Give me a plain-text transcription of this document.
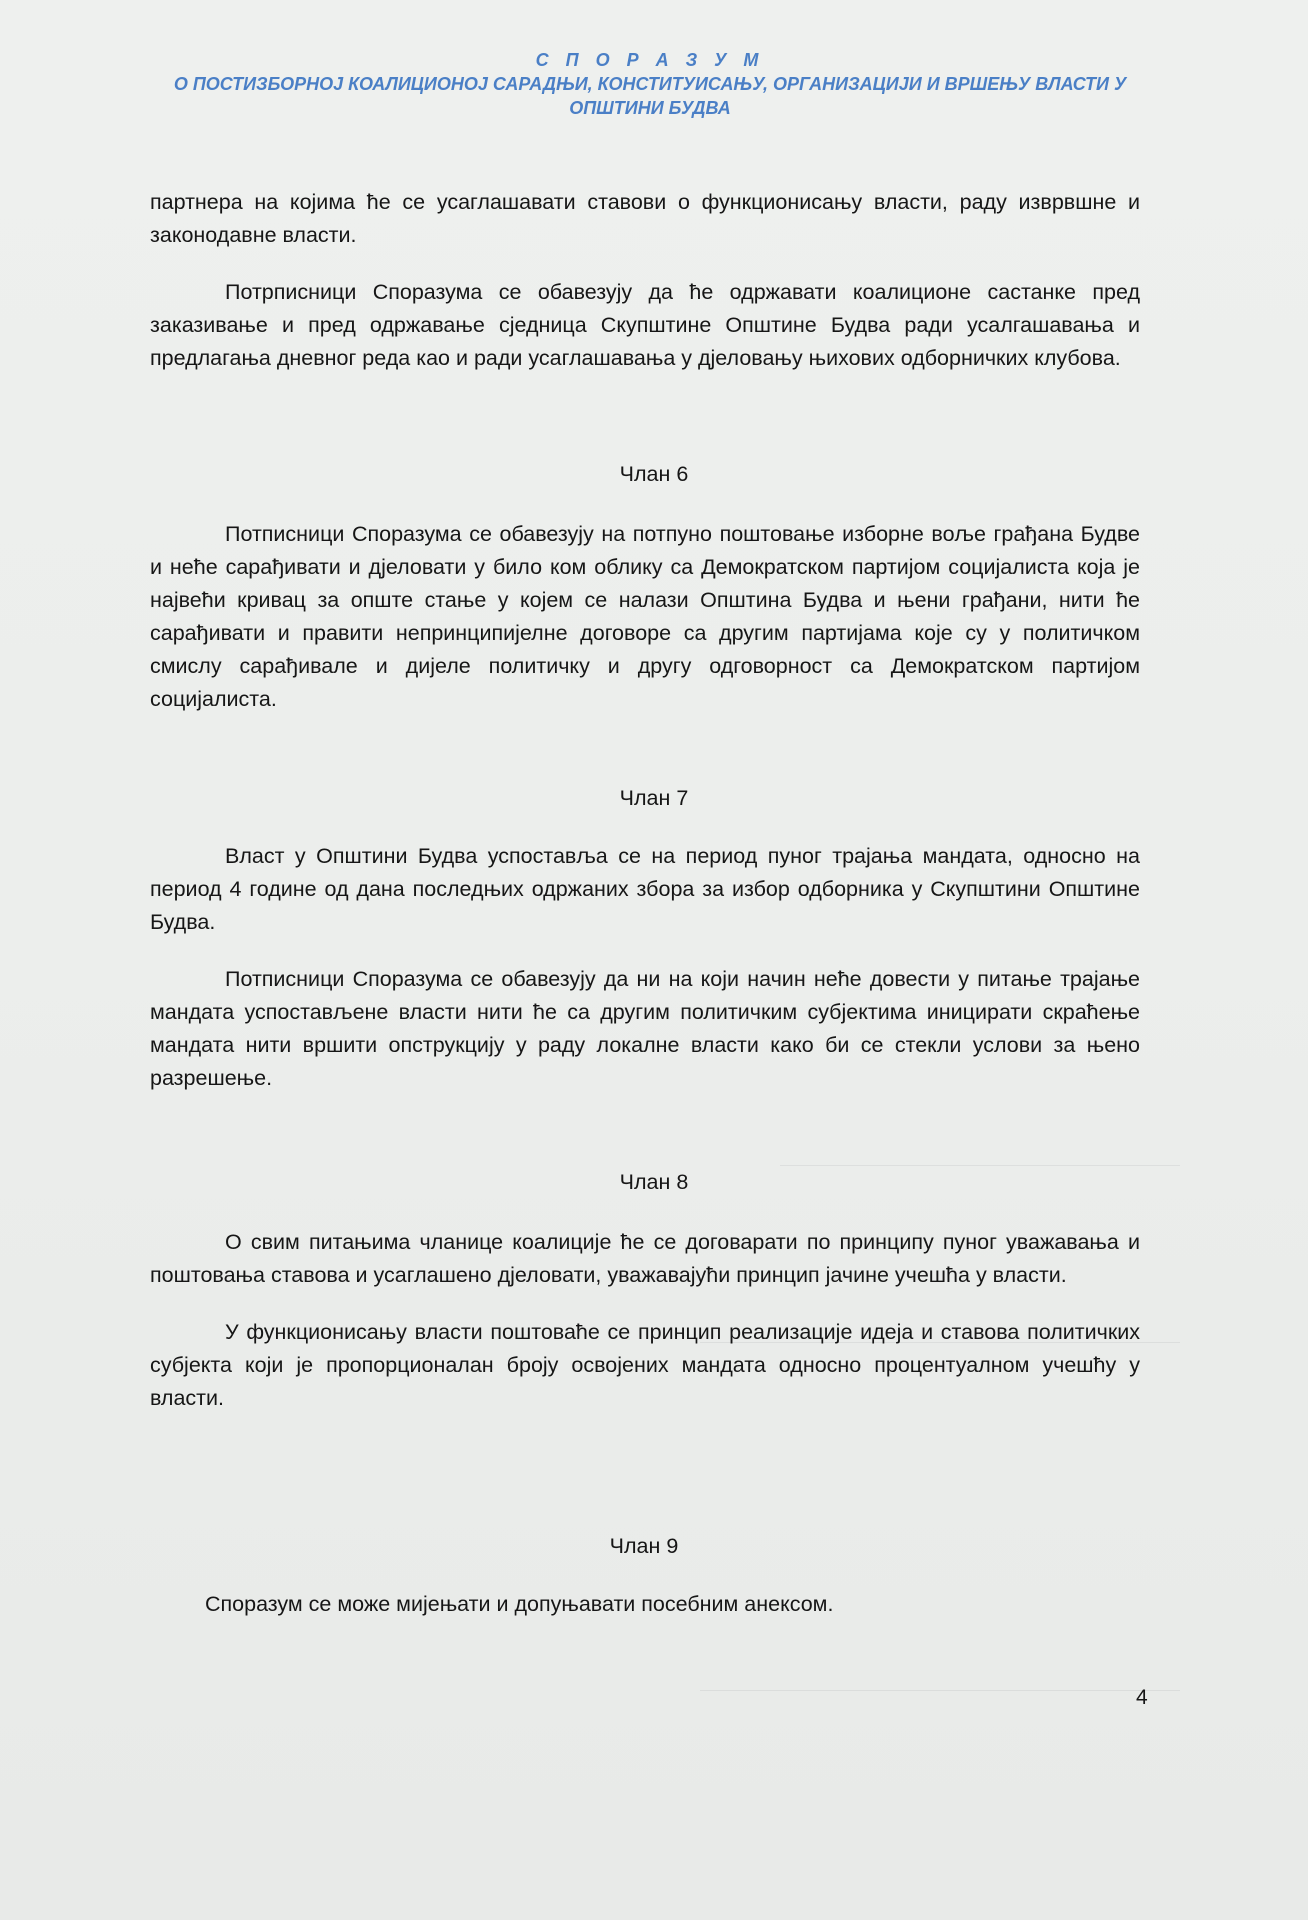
С П О Р А З У М
О ПОСТИЗБОРНОЈ КОАЛИЦИОНОЈ САРАДЊИ, КОНСТИТУИСАЊУ, ОРГАНИЗАЦИЈИ И ВРШЕЊУ ВЛАСТИ У
ОПШТИНИ БУДВА

партнера на којима ће се усаглашавати ставови о функционисању власти, раду изврвшне и законодавне власти.

Потрписници Споразума се обавезују да ће одржавати коалиционе састанке пред заказивање и пред одржавање сједница Скупштине Општине Будва ради усалгашавања и предлагања дневног реда као и ради усаглашавања у дјеловању њихових одборничких клубова.

Члан 6

Потписници Споразума се обавезују на потпуно поштовање изборне воље грађана Будве и неће сарађивати и дјеловати у било ком облику са Демократском партијом социјалиста која је највећи кривац за опште стање у којем се налази Општина Будва и њени грађани, нити ће сарађивати и правити непринципијелне договоре са другим партијама које су у политичком смислу сарађивале и дијеле политичку и другу одговорност са Демократском партијом социјалиста.

Члан 7

Власт у Општини Будва успоставља се на период пуног трајања мандата, односно на период 4 године од дана последњих одржаних збора за избор одборника у Скупштини Општине Будва.

Потписници Споразума се обавезују да ни на који начин неће довести у питање трајање мандата успостављене власти нити ће са другим политичким субјектима иницирати скраћење мандата нити вршити опструкцију у раду локалне власти како би се стекли услови за њено разрешење.

Члан 8

О свим питањима чланице коалиције ће се договарати по принципу пуног уважавања и поштовања ставова и усаглашено дјеловати, уважавајући принцип јачине учешћа у власти.

У функционисању власти поштоваће се принцип реализације идеја и ставова политичких субјекта који је пропорционалан броју освојених мандата односно процентуалном учешћу у власти.

Члан 9

Споразум се може мијењати и допуњавати посебним анексом.

4
